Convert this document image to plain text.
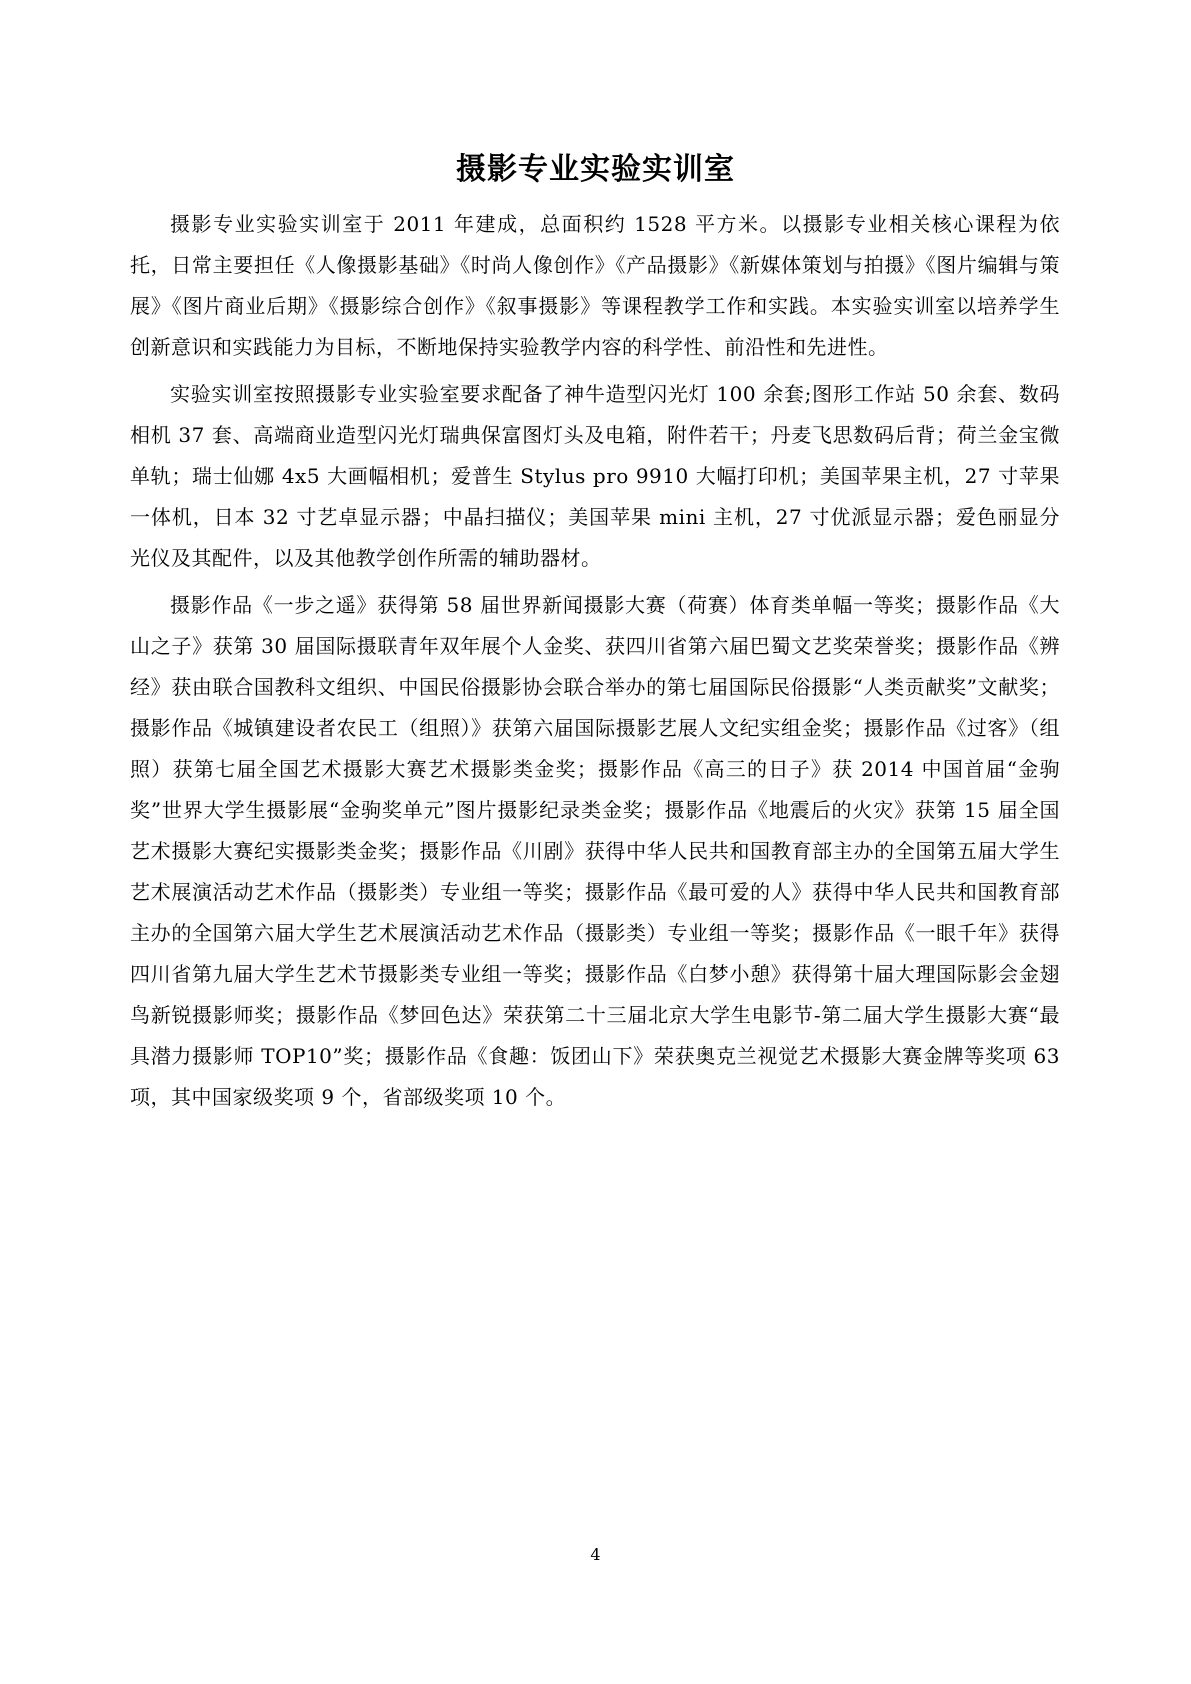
摄影专业实验实训室

摄影专业实验实训室于 2011 年建成，总面积约 1528 平方米。以摄影专业相关核心课程为依托，日常主要担任《人像摄影基础》《时尚人像创作》《产品摄影》《新媒体策划与拍摄》《图片编辑与策展》《图片商业后期》《摄影综合创作》《叙事摄影》等课程教学工作和实践。本实验实训室以培养学生创新意识和实践能力为目标，不断地保持实验教学内容的科学性、前沿性和先进性。

实验实训室按照摄影专业实验室要求配备了神牛造型闪光灯 100 余套;图形工作站 50 余套、数码相机 37 套、高端商业造型闪光灯瑞典保富图灯头及电箱，附件若干；丹麦飞思数码后背；荷兰金宝微单轨；瑞士仙娜 4x5 大画幅相机；爱普生 Stylus pro 9910 大幅打印机；美国苹果主机，27 寸苹果一体机，日本 32 寸艺卓显示器；中晶扫描仪；美国苹果 mini 主机，27 寸优派显示器；爱色丽显分光仪及其配件，以及其他教学创作所需的辅助器材。

摄影作品《一步之遥》获得第 58 届世界新闻摄影大赛（荷赛）体育类单幅一等奖；摄影作品《大山之子》获第 30 届国际摄联青年双年展个人金奖、获四川省第六届巴蜀文艺奖荣誉奖；摄影作品《辨经》获由联合国教科文组织、中国民俗摄影协会联合举办的第七届国际民俗摄影“人类贡献奖”文献奖；摄影作品《城镇建设者农民工（组照）》获第六届国际摄影艺展人文纪实组金奖；摄影作品《过客》（组照）获第七届全国艺术摄影大赛艺术摄影类金奖；摄影作品《高三的日子》获 2014 中国首届“金驹奖”世界大学生摄影展“金驹奖单元”图片摄影纪录类金奖；摄影作品《地震后的火灾》获第 15 届全国艺术摄影大赛纪实摄影类金奖；摄影作品《川剧》获得中华人民共和国教育部主办的全国第五届大学生艺术展演活动艺术作品（摄影类）专业组一等奖；摄影作品《最可爱的人》获得中华人民共和国教育部主办的全国第六届大学生艺术展演活动艺术作品（摄影类）专业组一等奖；摄影作品《一眼千年》获得四川省第九届大学生艺术节摄影类专业组一等奖；摄影作品《白梦小憩》获得第十届大理国际影会金翅鸟新锐摄影师奖；摄影作品《梦回色达》荣获第二十三届北京大学生电影节-第二届大学生摄影大赛“最具潜力摄影师 TOP10”奖；摄影作品《食趣：饭团山下》荣获奥克兰视觉艺术摄影大赛金牌等奖项 63 项，其中国家级奖项 9 个，省部级奖项 10 个。

4
